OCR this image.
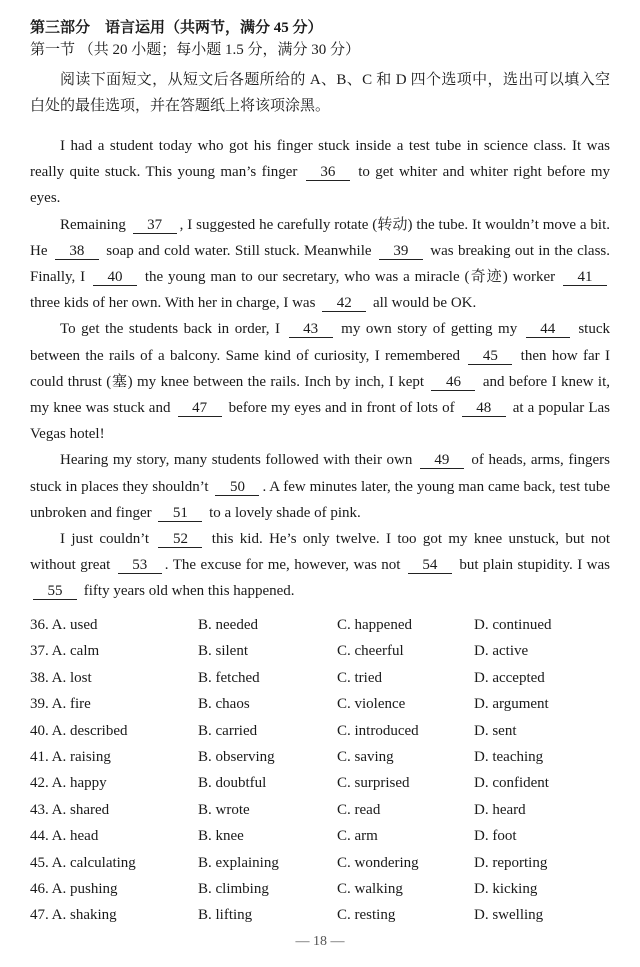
第三部分　语言运用（共两节，满分 45 分）
第一节 （共 20 小题；每小题 1.5 分，满分 30 分）
阅读下面短文，从短文后各题所给的 A、B、C 和 D 四个选项中，选出可以填入空白处的最佳选项，并在答题纸上将该项涂黑。

I had a student today who got his finger stuck inside a test tube in science class. It was really quite stuck. This young man’s finger 36 to get whiter and whiter right before my eyes.

Remaining 37 , I suggested he carefully rotate (转动) the tube. It wouldn’t move a bit. He 38 soap and cold water. Still stuck. Meanwhile 39 was breaking out in the class. Finally, I 40 the young man to our secretary, who was a miracle (奇迹) worker 41 three kids of her own. With her in charge, I was 42 all would be OK.

To get the students back in order, I 43 my own story of getting my 44 stuck between the rails of a balcony. Same kind of curiosity, I remembered 45 then how far I could thrust (塞) my knee between the rails. Inch by inch, I kept 46 and before I knew it, my knee was stuck and 47 before my eyes and in front of lots of 48 at a popular Las Vegas hotel!

Hearing my story, many students followed with their own 49 of heads, arms, fingers stuck in places they shouldn’t 50 . A few minutes later, the young man came back, test tube unbroken and finger 51 to a lovely shade of pink.

I just couldn’t 52 this kid. He’s only twelve. I too got my knee unstuck, but not without great 53 . The excuse for me, however, was not 54 but plain stupidity. I was 55 fifty years old when this happened.

36. A. used	B. needed	C. happened	D. continued
37. A. calm	B. silent	C. cheerful	D. active
38. A. lost	B. fetched	C. tried	D. accepted
39. A. fire	B. chaos	C. violence	D. argument
40. A. described	B. carried	C. introduced	D. sent
41. A. raising	B. observing	C. saving	D. teaching
42. A. happy	B. doubtful	C. surprised	D. confident
43. A. shared	B. wrote	C. read	D. heard
44. A. head	B. knee	C. arm	D. foot
45. A. calculating	B. explaining	C. wondering	D. reporting
46. A. pushing	B. climbing	C. walking	D. kicking
47. A. shaking	B. lifting	C. resting	D. swelling
— 18 —
